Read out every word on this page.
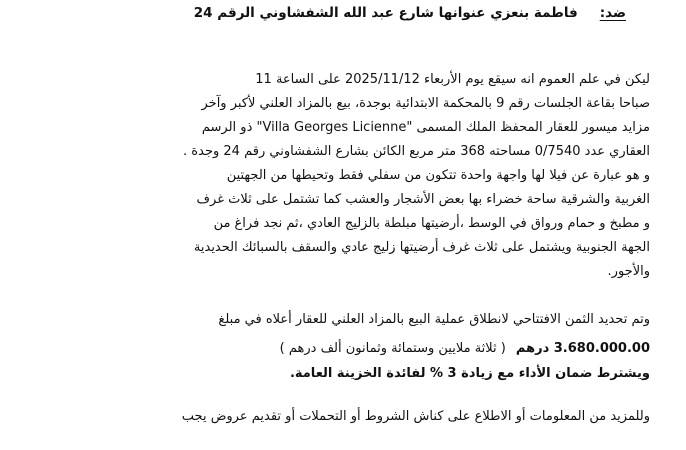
ضد:فاطمة بنعزي عنوانها شارع عبد الله الشفشاوني الرقم 24
ليكن في علم العموم انه سيقع يوم الأربعاء 2025/11/12 على الساعة 11
صباحا بقاعة الجلسات رقم 9 بالمحكمة الابتدائية بوجدة، بيع بالمزاد العلني لأكبر وآخر
مزايد ميسور للعقار المحفظ الملك المسمى "Villa Georges Licienne" ذو الرسم
العقاري عدد 0/7540 مساحته 368 متر مربع الكائن بشارع الشفشاوني رقم 24 وجدة .
و هو عبارة عن فيلا لها واجهة واحدة تتكون من سفلي فقط وتحيطها من الجهتين
الغربية والشرقية ساحة خضراء بها بعض الأشجار والعشب كما تشتمل على ثلاث غرف
و مطبخ و حمام ورواق في الوسط ،أرضيتها مبلطة بالزليج العادي ،ثم نجد فراغ من
الجهة الجنوبية ويشتمل على ثلاث غرف أرضيتها زليج عادي والسقف بالسبائك الحديدية
والأجور.
وتم تحديد الثمن الافتتاحي لانطلاق عملية البيع بالمزاد العلني للعقار أعلاه في مبلغ
3.680.000.00 درهم( ثلاثة ملايين وستمائة وثمانون ألف درهم )
ويشترط ضمان الأداء مع زيادة 3 % لفائدة الخزينة العامة.
وللمزيد من المعلومات أو الاطلاع على كناش الشروط أو التحملات أو تقديم عروض يجب
